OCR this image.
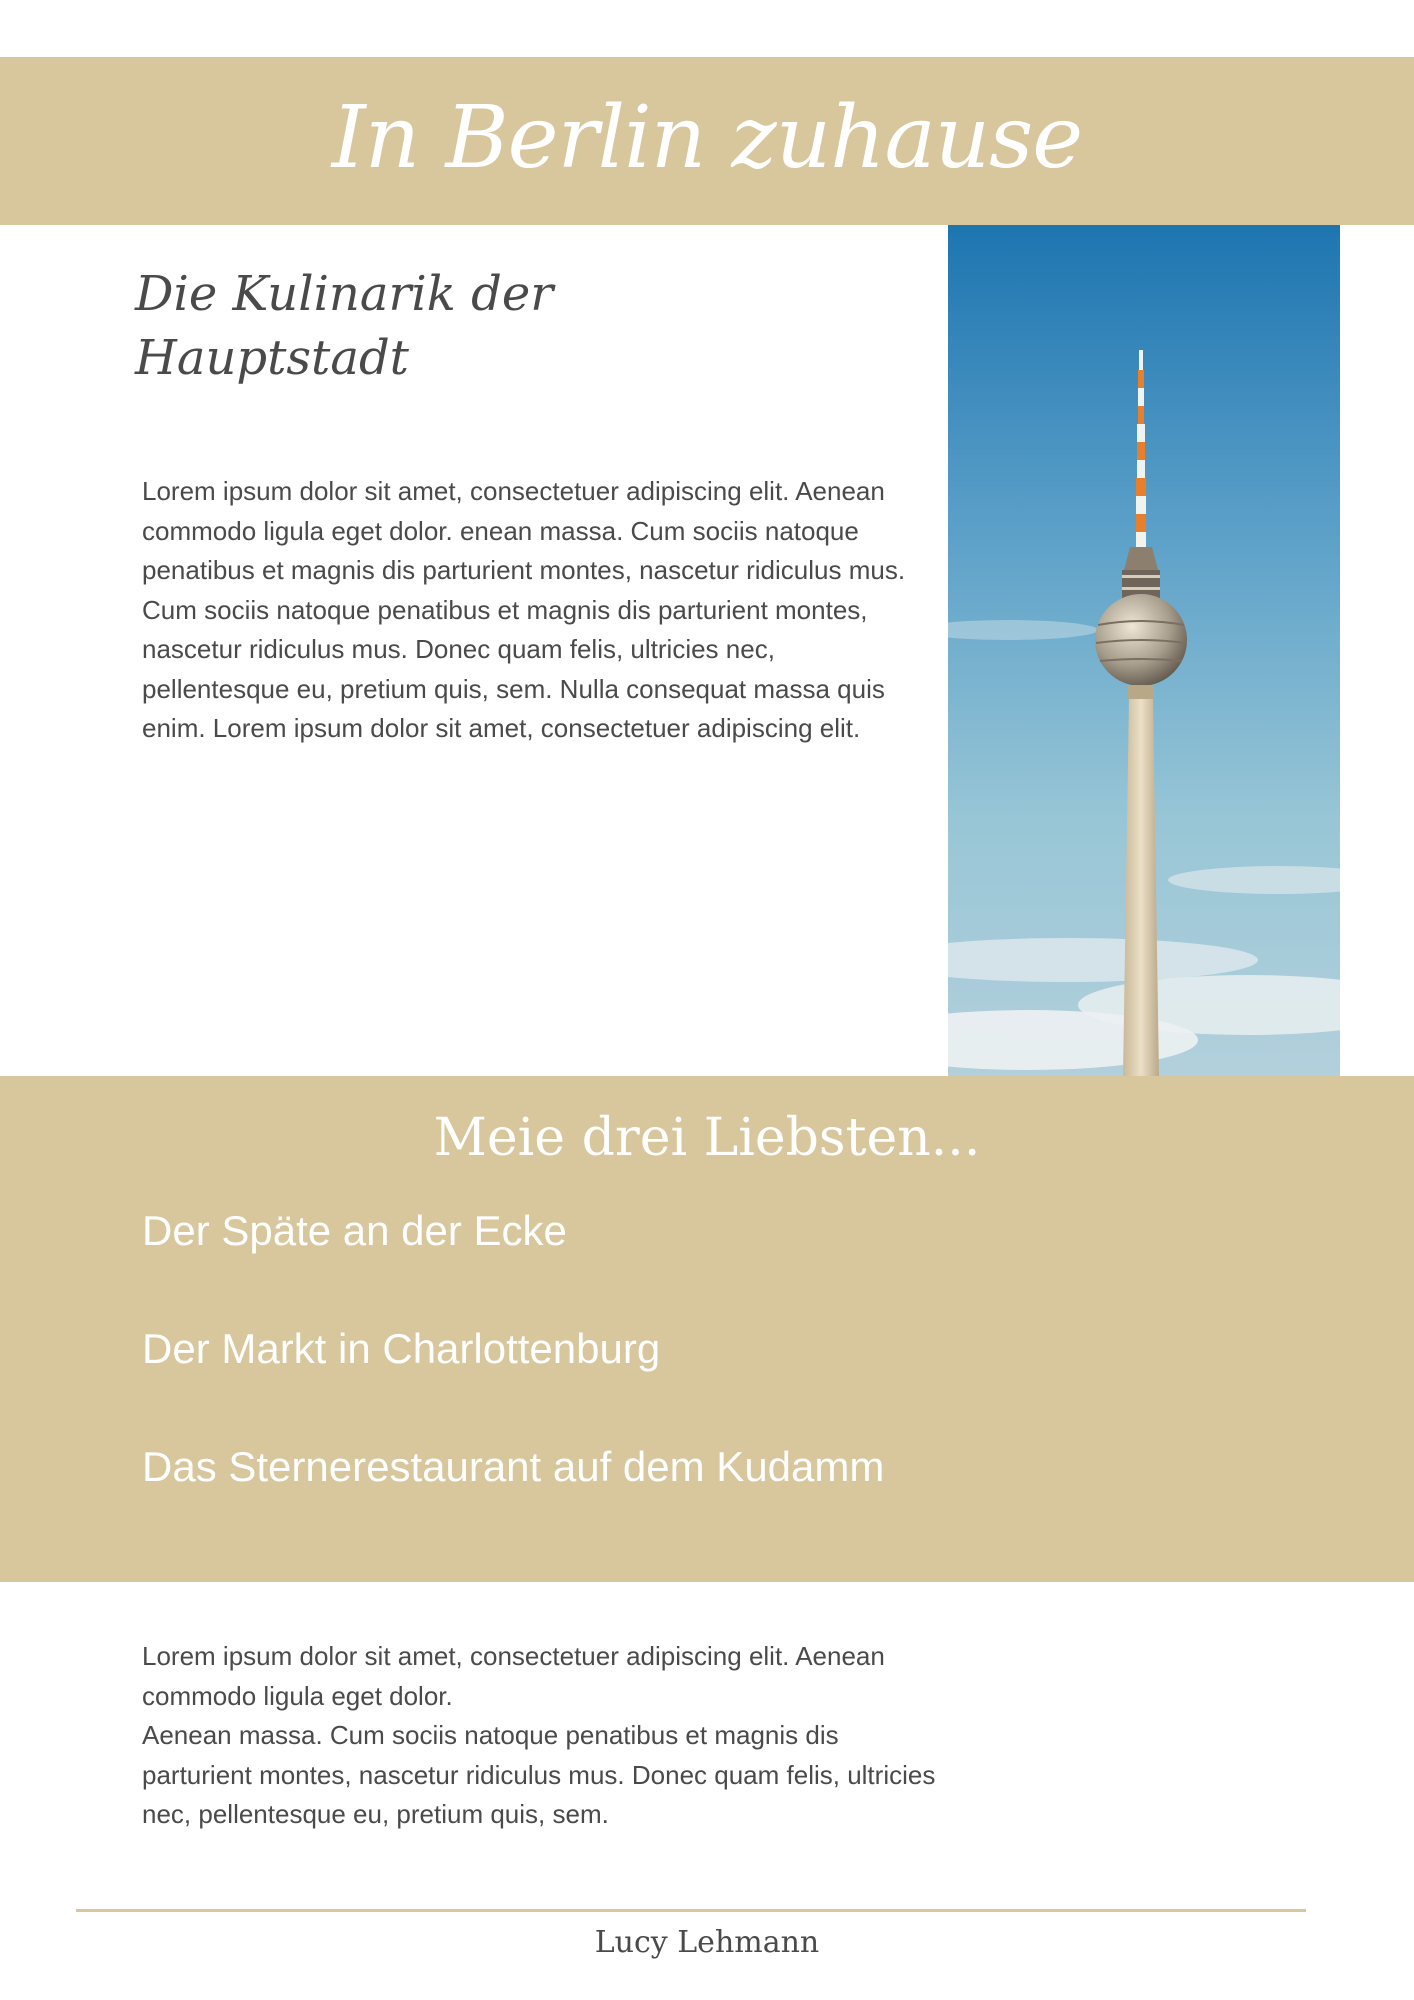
In Berlin zuhause
Die Kulinarik der
Hauptstadt

Lorem ipsum dolor sit amet, consectetuer adipiscing elit. Aenean commodo ligula eget dolor. enean massa. Cum sociis natoque penatibus et magnis dis parturient montes, nascetur ridiculus mus.

Cum sociis natoque penatibus et magnis dis parturient montes, nascetur ridiculus mus. Donec quam felis, ultricies nec, pellentesque eu, pretium quis, sem. Nulla consequat massa quis enim. Lorem ipsum dolor sit amet, consectetuer adipiscing elit.

Meie drei Liebsten...
Der Späte an der Ecke
Der Markt in Charlottenburg
Das Sternerestaurant auf dem Kudamm

Lorem ipsum dolor sit amet, consectetuer adipiscing elit. Aenean commodo ligula eget dolor.

Aenean massa. Cum sociis natoque penatibus et magnis dis parturient montes, nascetur ridiculus mus. Donec quam felis, ultricies nec, pellentesque eu, pretium quis, sem.

Lucy Lehmann
